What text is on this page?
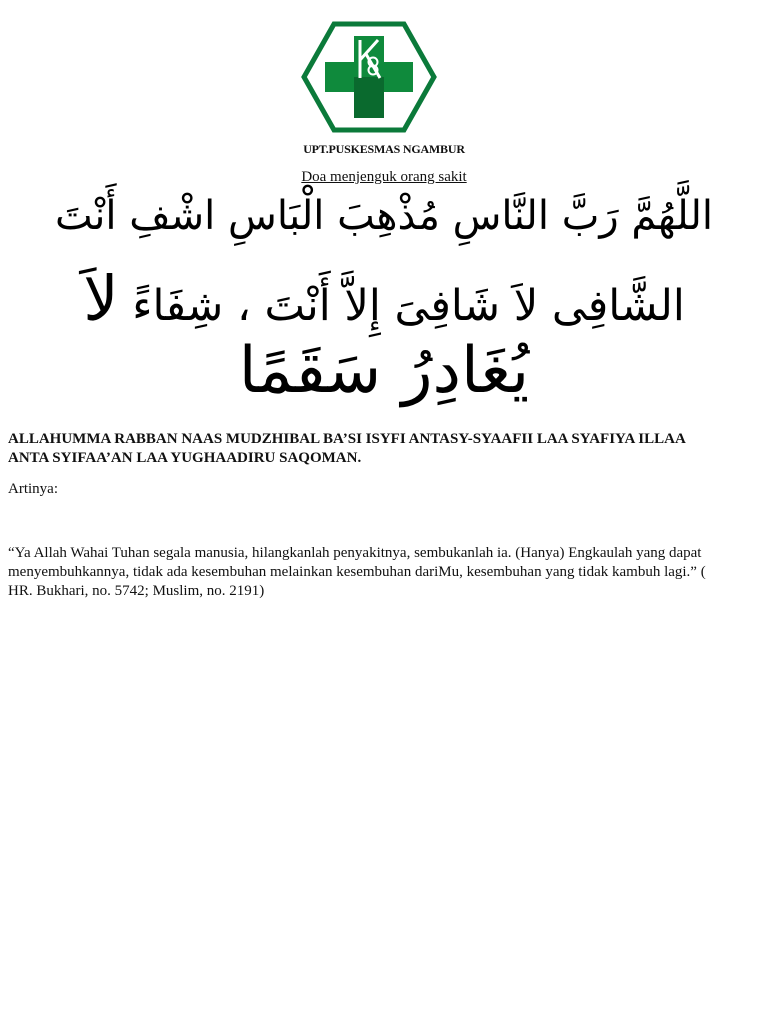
UPT.PUSKESMAS NGAMBUR
Doa menjenguk orang sakit
اللَّهُمَّ رَبَّ النَّاسِ مُذْهِبَ الْبَاسِ اشْفِ أَنْتَ
الشَّافِى لاَ شَافِىَ إِلاَّ أَنْتَ ، شِفَاءً لاَ
يُغَادِرُ سَقَمًا
ALLAHUMMA RABBAN NAAS MUDZHIBAL BA’SI ISYFI ANTASY-SYAAFII LAA SYAFIYA ILLAA ANTA SYIFAA’AN LAA YUGHAADIRU SAQOMAN.
Artinya:
“Ya Allah Wahai Tuhan segala manusia, hilangkanlah penyakitnya, sembukanlah ia. (Hanya) Engkaulah yang dapat menyembuhkannya, tidak ada kesembuhan melainkan kesembuhan dariMu, kesembuhan yang tidak kambuh lagi.” ( HR. Bukhari, no. 5742; Muslim, no. 2191)
